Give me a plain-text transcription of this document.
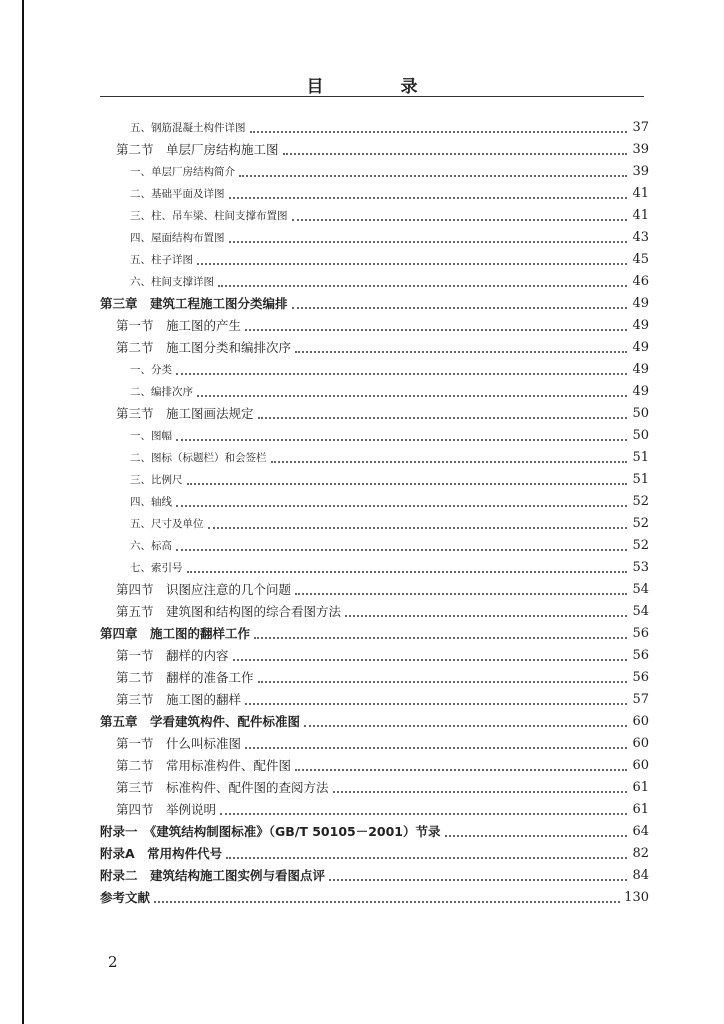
目　录
五、钢筋混凝土构件详图	37
第二节　单层厂房结构施工图	39
一、单层厂房结构简介	39
二、基础平面及详图	41
三、柱、吊车梁、柱间支撑布置图	41
四、屋面结构布置图	43
五、柱子详图	45
六、柱间支撑详图	46
第三章　建筑工程施工图分类编排	49
第一节　施工图的产生	49
第二节　施工图分类和编排次序	49
一、分类	49
二、编排次序	49
第三节　施工图画法规定	50
一、图幅	50
二、图标（标题栏）和会签栏	51
三、比例尺	51
四、轴线	52
五、尺寸及单位	52
六、标高	52
七、索引号	53
第四节　识图应注意的几个问题	54
第五节　建筑图和结构图的综合看图方法	54
第四章　施工图的翻样工作	56
第一节　翻样的内容	56
第二节　翻样的准备工作	56
第三节　施工图的翻样	57
第五章　学看建筑构件、配件标准图	60
第一节　什么叫标准图	60
第二节　常用标准构件、配件图	60
第三节　标准构件、配件图的查阅方法	61
第四节　举例说明	61
附录一　《建筑结构制图标准》（GB/T 50105－2001）节录	64
附录A　常用构件代号	82
附录二　建筑结构施工图实例与看图点评	84
参考文献	130
2
